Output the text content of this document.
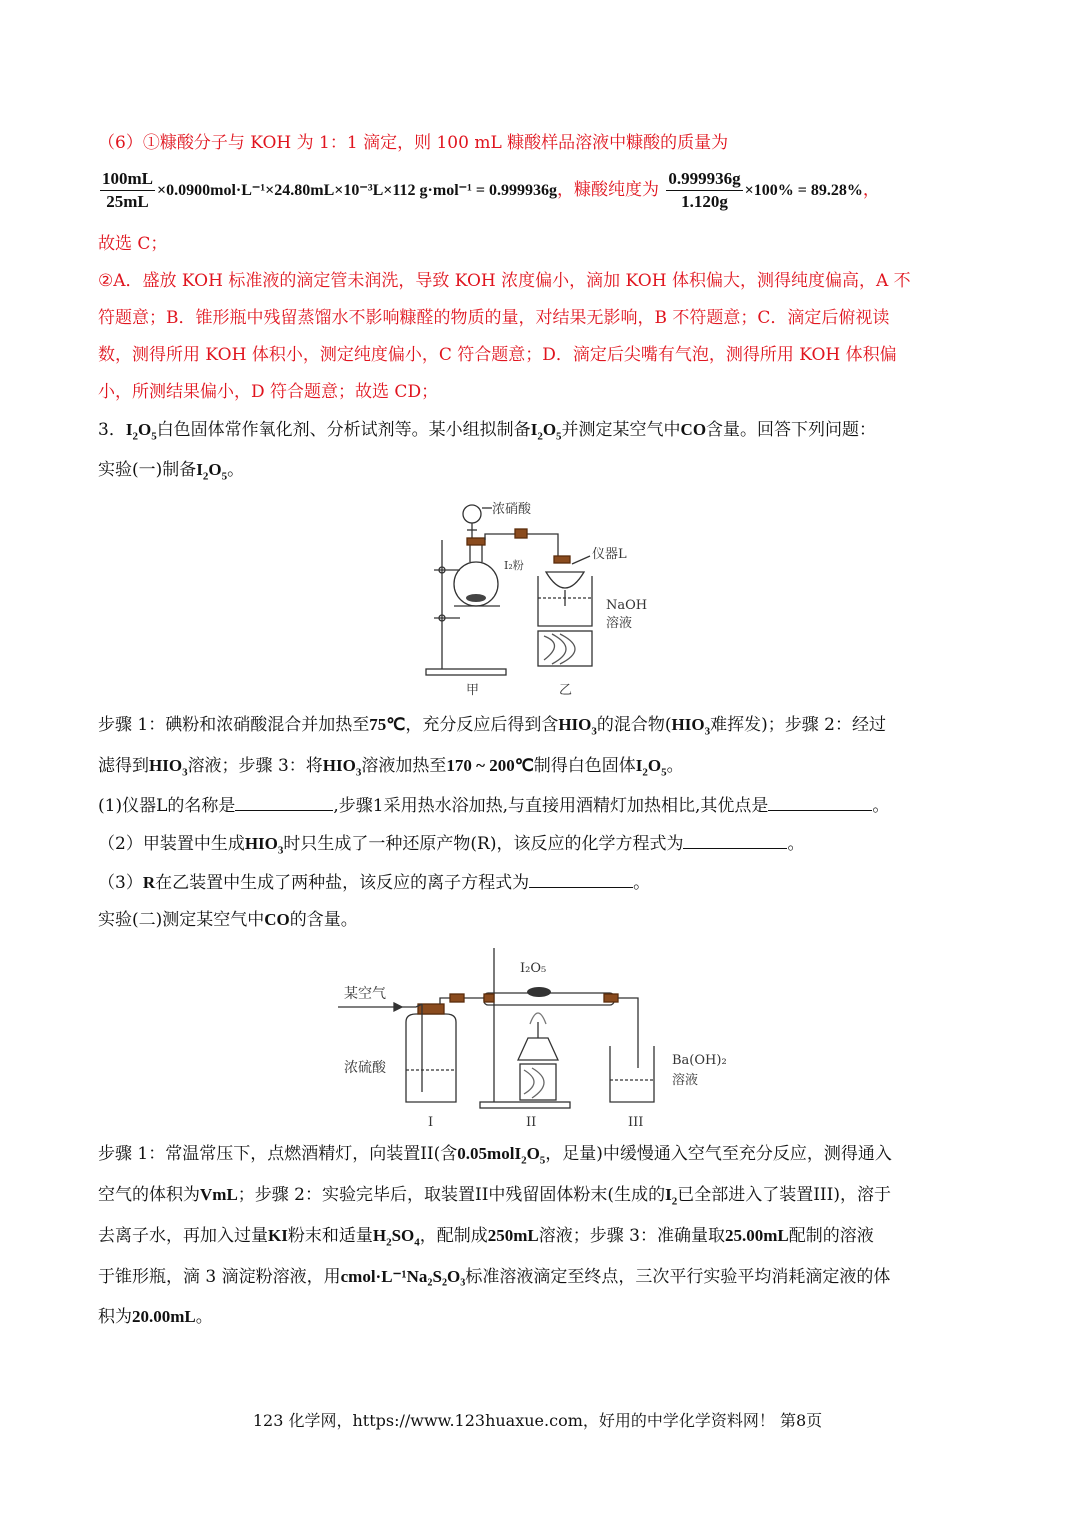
（6）①糠酸分子与 KOH 为 1：1 滴定，则 100 mL 糠酸样品溶液中糠酸的质量为
$\frac{100mL}{25mL} \times 0.0900mol\cdot L^{-1}\times 24.80mL\times 10^{-3}L\times 112$ g·mol⁻¹ = 0.999936g，糠酸纯度为 $\frac{0.999936g}{1.120g} \times 100\% = 89.28\%$，
故选 C；
②A．盛放 KOH 标准液的滴定管未润洗，导致 KOH 浓度偏小，滴加 KOH 体积偏大，测得纯度偏高，A 不
符题意；B．锥形瓶中残留蒸馏水不影响糠醛的物质的量，对结果无影响，B 不符题意；C．滴定后俯视读
数，测得所用 KOH 体积小，测定纯度偏小，C 符合题意；D．滴定后尖嘴有气泡，测得所用 KOH 体积偏
小，所测结果偏小，D 符合题意；故选 CD；
3．$I_2O_5$白色固体常作氧化剂、分析试剂等。某小组拟制备$I_2O_5$并测定某空气中CO含量。回答下列问题：
实验(一)制备$I_2O_5$。
浓硝酸
I₂粉
仪器L
NaOH
溶液
甲	乙
步骤 1：碘粉和浓硝酸混合并加热至75℃，充分反应后得到含$HIO_3$的混合物($HIO_3$难挥发)；步骤 2：经过
滤得到$HIO_3$溶液；步骤 3：将$HIO_3$溶液加热至170 ~ 200℃制得白色固体$I_2O_5$。
(1)仪器L的名称是	,步骤1采用热水浴加热,与直接用酒精灯加热相比,其优点是	。
（2）甲装置中生成$HIO_3$时只生成了一种还原产物(R)，该反应的化学方程式为	。
（3）R在乙装置中生成了两种盐，该反应的离子方程式为	。
实验(二)测定某空气中CO的含量。
某空气
I₂O₅
浓硫酸	Ba(OH)₂
溶液
I	II	III
步骤 1：常温常压下，点燃酒精灯，向装置II(含$0.05molI_2O_5$，足量)中缓慢通入空气至充分反应，测得通入
空气的体积为VmL；步骤 2：实验完毕后，取装置II中残留固体粉末(生成的$I_2$已全部进入了装置III)，溶于
去离子水，再加入过量KI粉末和适量$H_2SO_4$，配制成250mL溶液；步骤 3：准确量取25.00mL配制的溶液
于锥形瓶，滴 3 滴淀粉溶液，用cmol·L⁻¹Na₂S₂O₃标准溶液滴定至终点，三次平行实验平均消耗滴定液的体
积为20.00mL。
123 化学网，https://www.123huaxue.com，好用的中学化学资料网！ 第8页
